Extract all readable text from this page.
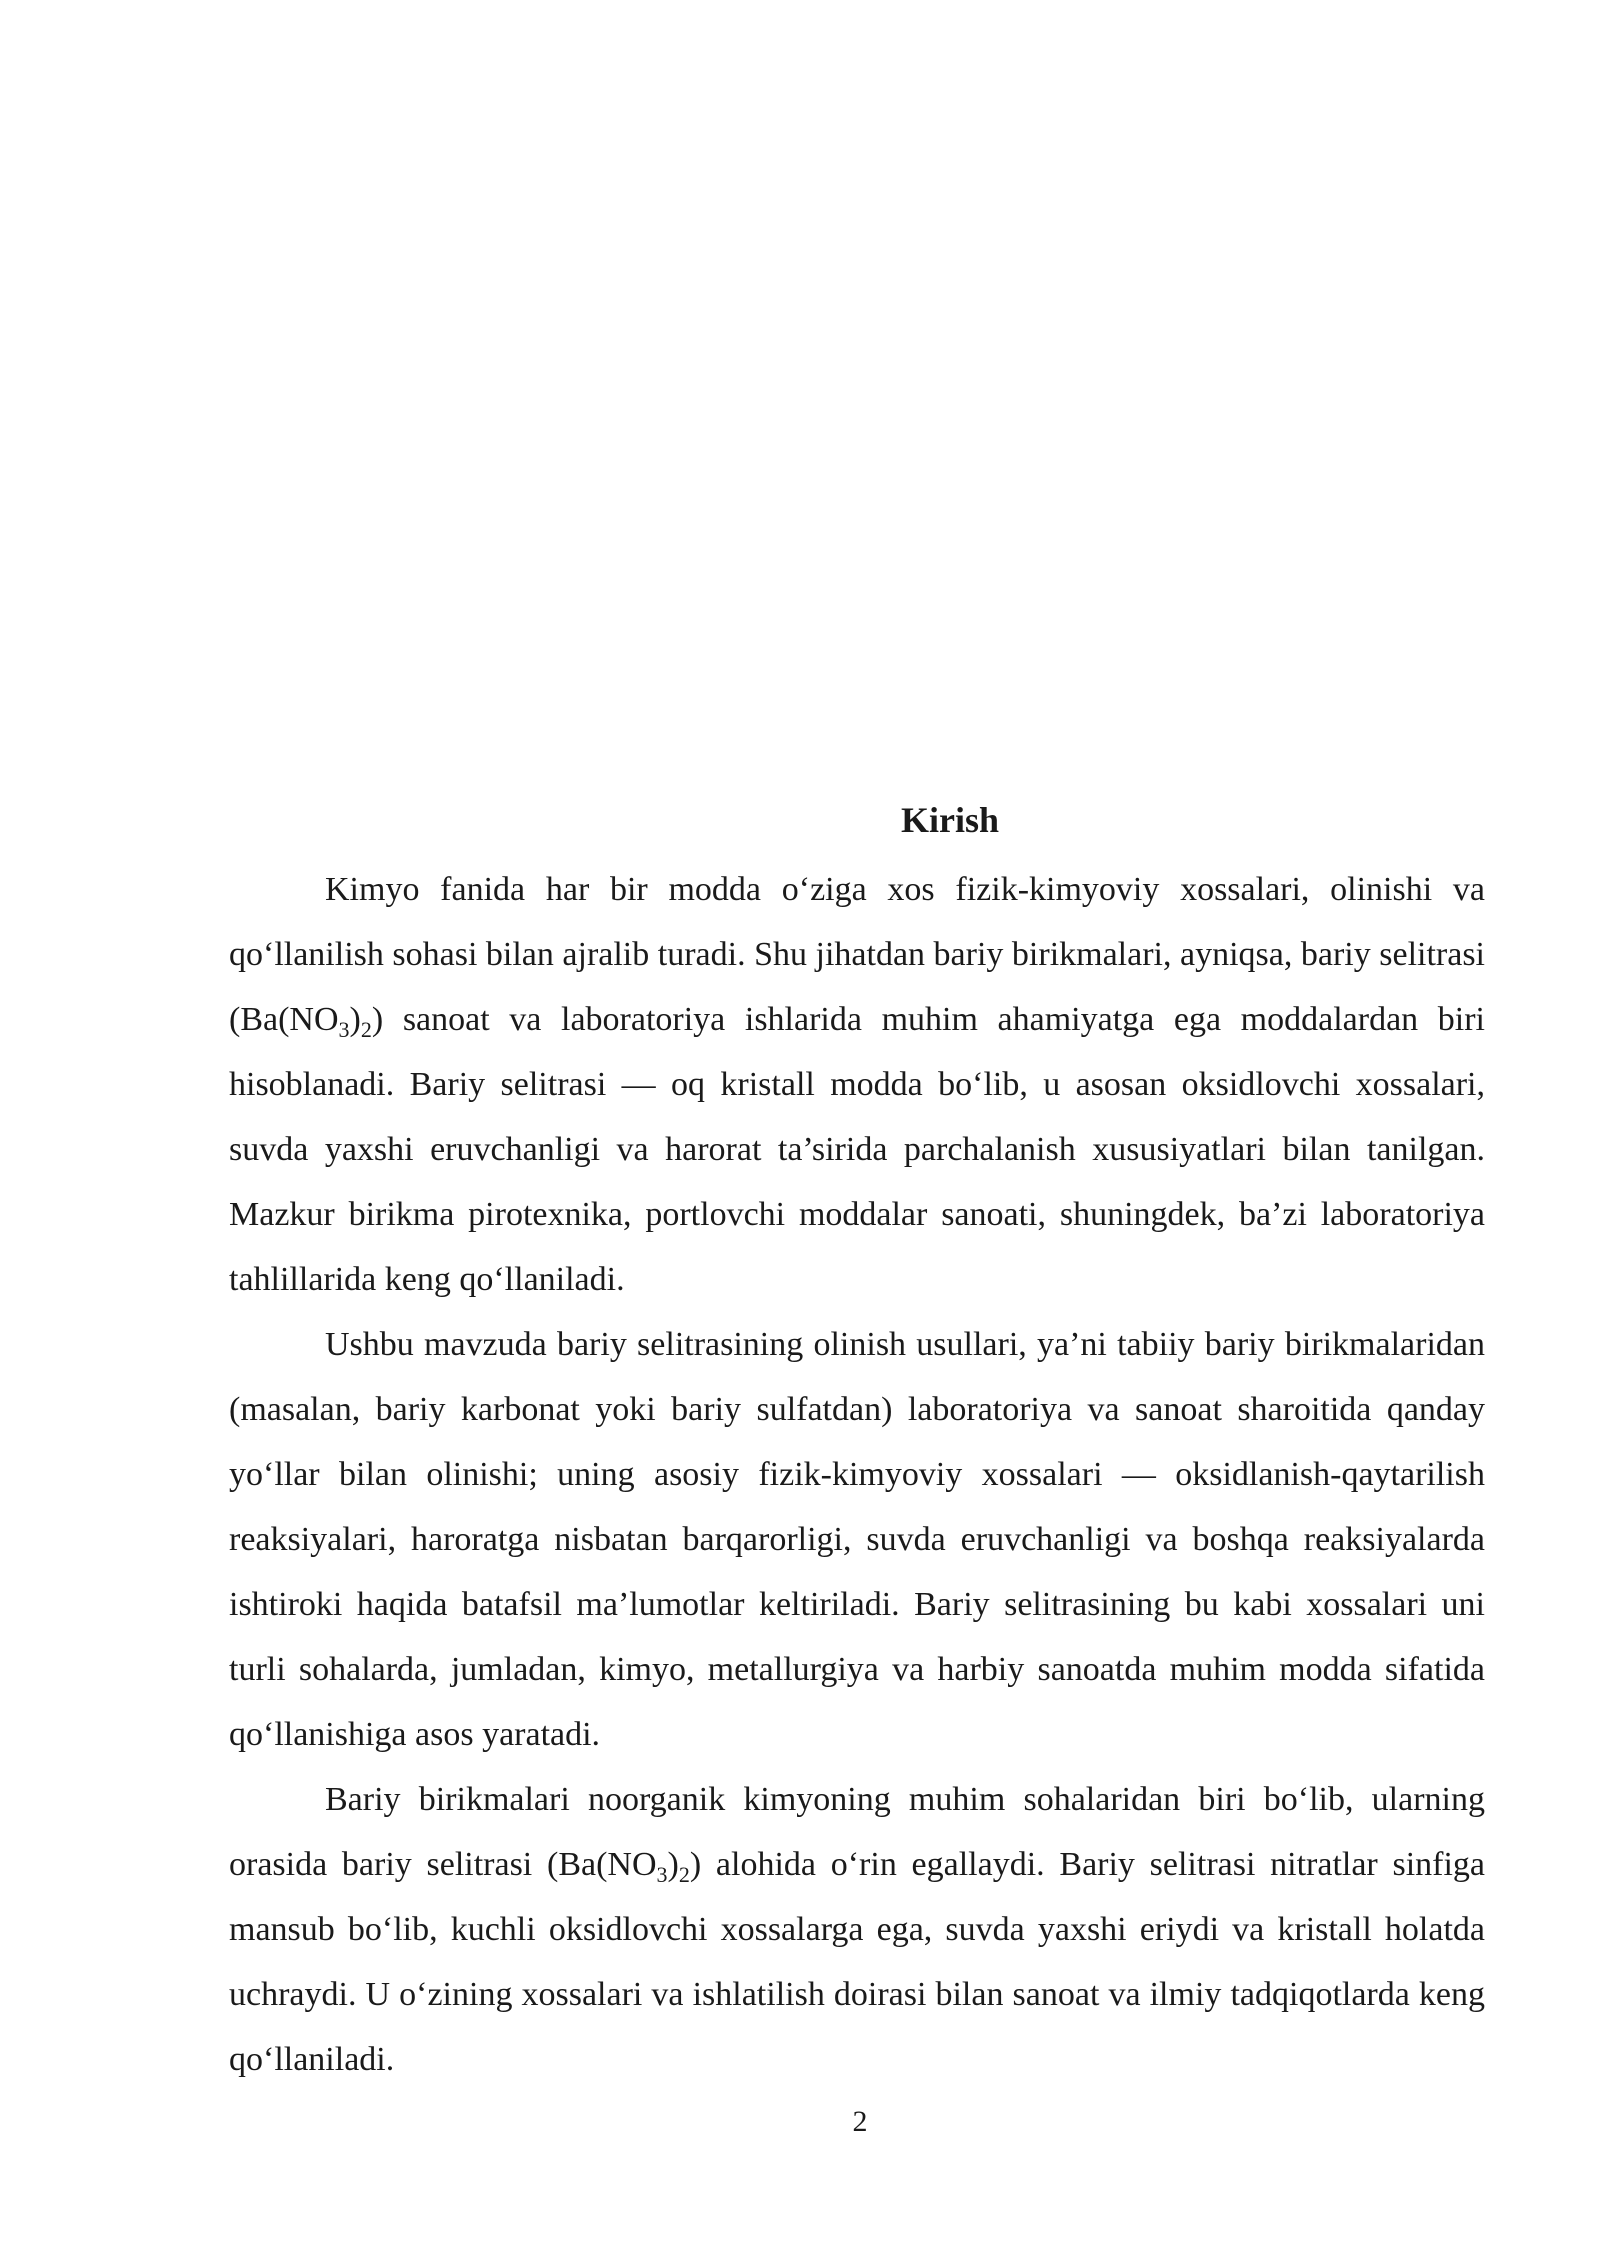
Kirish

Kimyo fanida har bir modda o‘ziga xos fizik-kimyoviy xossalari, olinishi va qo‘llanilish sohasi bilan ajralib turadi. Shu jihatdan bariy birikmalari, ayniqsa, bariy selitrasi $(Ba(NO_3)_2)$ sanoat va laboratoriya ishlarida muhim ahamiyatga ega moddalardan biri hisoblanadi. Bariy selitrasi — oq kristall modda bo‘lib, u asosan oksidlovchi xossalari, suvda yaxshi eruvchanligi va harorat ta’sirida parchalanish xususiyatlari bilan tanilgan. Mazkur birikma pirotexnika, portlovchi moddalar sanoati, shuningdek, ba’zi laboratoriya tahlillarida keng qo‘llaniladi.

Ushbu mavzuda bariy selitrasining olinish usullari, ya’ni tabiiy bariy birikmalaridan (masalan, bariy karbonat yoki bariy sulfatdan) laboratoriya va sanoat sharoitida qanday yo‘llar bilan olinishi; uning asosiy fizik-kimyoviy xossalari — oksidlanish-qaytarilish reaksiyalari, haroratga nisbatan barqarorligi, suvda eruvchanligi va boshqa reaksiyalarda ishtiroki haqida batafsil ma’lumotlar keltiriladi. Bariy selitrasining bu kabi xossalari uni turli sohalarda, jumladan, kimyo, metallurgiya va harbiy sanoatda muhim modda sifatida qo‘llanishiga asos yaratadi.

Bariy birikmalari noorganik kimyoning muhim sohalaridan biri bo‘lib, ularning orasida bariy selitrasi $(Ba(NO_3)_2)$ alohida o‘rin egallaydi. Bariy selitrasi nitratlar sinfiga mansub bo‘lib, kuchli oksidlovchi xossalarga ega, suvda yaxshi eriydi va kristall holatda uchraydi. U o‘zining xossalari va ishlatilish doirasi bilan sanoat va ilmiy tadqiqotlarda keng qo‘llaniladi.

2
